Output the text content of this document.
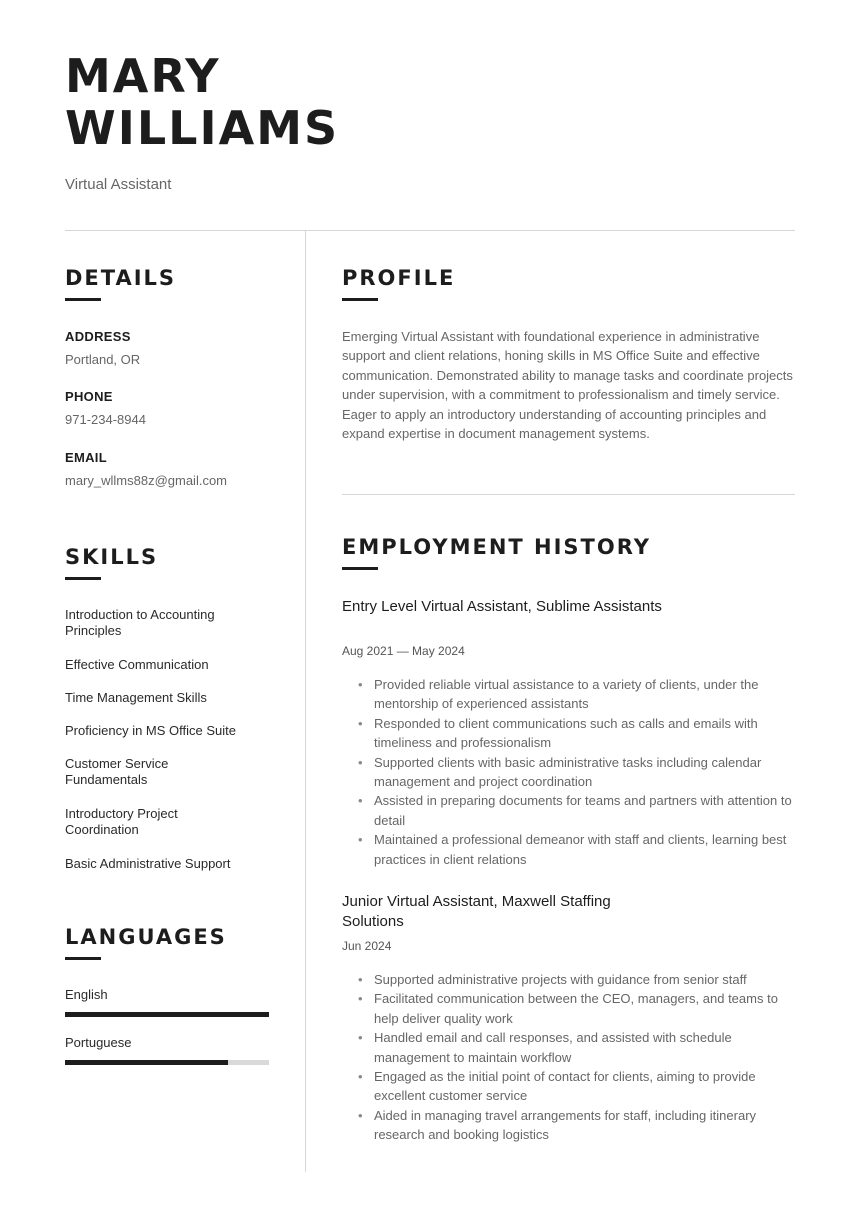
MARY
WILLIAMS
Virtual Assistant
DETAILS
ADDRESS
Portland, OR
PHONE
971-234-8944
EMAIL
mary_wllms88z@gmail.com
SKILLS
Introduction to Accounting Principles
Effective Communication
Time Management Skills
Proficiency in MS Office Suite
Customer Service Fundamentals
Introductory Project Coordination
Basic Administrative Support
LANGUAGES
English
Portuguese
PROFILE
Emerging Virtual Assistant with foundational experience in administrative support and client relations, honing skills in MS Office Suite and effective communication. Demonstrated ability to manage tasks and coordinate projects under supervision, with a commitment to professionalism and timely service. Eager to apply an introductory understanding of accounting principles and expand expertise in document management systems.
EMPLOYMENT HISTORY
Entry Level Virtual Assistant, Sublime Assistants
Aug 2021 — May 2024
• Provided reliable virtual assistance to a variety of clients, under the mentorship of experienced assistants
• Responded to client communications such as calls and emails with timeliness and professionalism
• Supported clients with basic administrative tasks including calendar management and project coordination
• Assisted in preparing documents for teams and partners with attention to detail
• Maintained a professional demeanor with staff and clients, learning best practices in client relations
Junior Virtual Assistant, Maxwell Staffing Solutions
Jun 2024
• Supported administrative projects with guidance from senior staff
• Facilitated communication between the CEO, managers, and teams to help deliver quality work
• Handled email and call responses, and assisted with schedule management to maintain workflow
• Engaged as the initial point of contact for clients, aiming to provide excellent customer service
• Aided in managing travel arrangements for staff, including itinerary research and booking logistics
